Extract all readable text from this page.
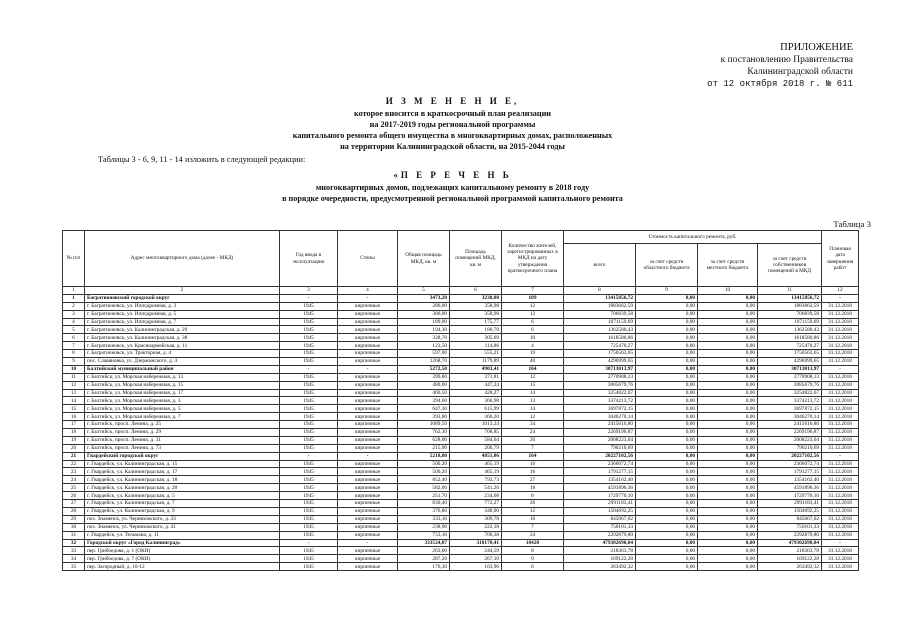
ПРИЛОЖЕНИЕ
к постановлению Правительства
Калининградской области
от 12 октября 2018 г. № 611
И З М Е Н Е Н И Е,
которое вносится в краткосрочный план реализации
на 2017-2019 годы региональной программы
капитального ремонта общего имущества в многоквартирных домах, расположенных
на территории Калининградской области, на 2015-2044 годы
Таблицы 3 - 6, 9, 11 - 14 изложить в следующей редакции:
«П Е Р Е Ч Е Н Ь
многоквартирных домов, подлежащих капитальному ремонту в 2018 году
в порядке очередности, предусмотренной региональной программой капитального ремонта
Таблица 3
№ п/п	Адрес многоквартирного дома (далее - МКД)	Год ввода в эксплуатацию	Стены	Общая площадь МКД, кв. м	Площадь помещений МКД, кв. м	Количество жителей, зарегистрированных в МКД на дату утверждения краткосрочного плана	Стоимость капитального ремонта, руб.				Плановая дата завершения работ
							всего	за счет средств областного бюджета	за счет средств местного бюджета	за счет средств собственников помещений в МКД	
1	2	3	4	5	6	7	8	9	10	11	12
1	Багратионовский городской округ	-	-	3473,20	3230,08	109	13415856,72	0,00	0,00	13415856,72	-
2	г. Багратионовск, ул. Ипподромная, д. 3	1945	кирпичные	286,00	358,98	12	1883662,59	0,00	0,00	1883662,59	31.12.2018
3	г. Багратионовск, ул. Ипподромная, д. 5	1945	кирпичные	386,00	358,98	12	706839,58	0,00	0,00	706839,58	31.12.2018
4	г. Багратионовск, ул. Ипподромная, д. 7	1945	кирпичные	189,00	175,77	6	1071159,69	0,00	0,00	1071159,69	31.12.2018
5	г. Багратионовск, ул. Калининградская, д. 29	1945	кирпичные	194,30	180,70	6	1362580,43	0,00	0,00	1362580,43	31.12.2018
6	г. Багратионовск, ул. Калининградская, д. 38	1945	кирпичные	328,70	305,69	10	1618580,86	0,00	0,00	1618580,86	31.12.2018
7	г. Багратионовск, ул. Красноармейская, д. 11	1945	кирпичные	123,50	114,86	4	725470,27	0,00	0,00	725470,27	31.12.2018
8	г. Багратионовск, ул. Тракторная, д. 4	1945	кирпичные	597,00	555,21	19	1750563,65	0,00	0,00	1750563,65	31.12.2018
9	пос. Славяновка, ул. Дзержинского, д. 4	1945	кирпичные	1268,70	1179,89	40	4296999,65	0,00	0,00	4296999,65	31.12.2018
10	Балтийский муниципальный район	-	-	5272,50	4903,41	164	30713013,97	0,00	0,00	30713013,97	-
11	г. Балтийск, ул. Морская набережная, д. 13	1945	кирпичные	399,80	371,81	12	2770908,13	0,00	0,00	2770908,13	31.12.2018
12	г. Балтийск, ул. Морская набережная, д. 15	1945	кирпичные	480,00	447,24	15	3085679,76	0,00	0,00	3085679,76	31.12.2018
13	г. Балтийск, ул. Морская набережная, д. 17	1945	кирпичные	460,50	428,27	14	3254822,67	0,00	0,00	3254822,67	31.12.2018
14	г. Балтийск, ул. Морская набережная, д. 3	1945	кирпичные	394,60	366,98	13	3374213,72	0,00	0,00	3374213,72	31.12.2018
15	г. Балтийск, ул. Морская набережная, д. 5	1945	кирпичные	647,30	615,99	14	3697872,15	0,00	0,00	3697872,15	31.12.2018
16	г. Балтийск, ул. Морская набережная, д. 7	1945	кирпичные	393,80	366,20	12	3046270,14	0,00	0,00	3046270,14	31.12.2018
17	г. Балтийск, просп. Ленина, д. 25	1945	кирпичные	1089,50	1013,24	34	2415616,80	0,00	0,00	2415616,80	31.12.2018
18	г. Балтийск, просп. Ленина, д. 29	1945	кирпичные	762,30	708,85	24	2269196,87	0,00	0,00	2269196,87	31.12.2018
19	г. Балтийск, просп. Ленина, д. 31	1945	кирпичные	628,00	584,04	20	2008223,04	0,00	0,00	2008223,04	31.12.2018
20	г. Балтийск, просп. Ленина, д. 73	1945	кирпичные	215,90	200,79	7	790210,69	0,00	0,00	790210,69	31.12.2018
21	Гвардейский городской округ	-	-	5218,80	4851,06	164	20227102,56	0,00	0,00	20227102,56	-
22	г. Гвардейск, ул. Калининградская, д. 15	1945	кирпичные	500,20	465,19	16	2366072,74	0,00	0,00	2366072,74	31.12.2018
23	г. Гвардейск, ул. Калининградская, д. 17	1945	кирпичные	500,20	465,19	16	1791277,15	0,00	0,00	1791277,15	31.12.2018
24	г. Гвардейск, ул. Калининградская, д. 18	1945	кирпичные	852,40	792,73	27	1354162,40	0,00	0,00	1354162,40	31.12.2018
25	г. Гвардейск, ул. Калининградская, д. 20	1945	кирпичные	582,00	541,26	18	4591896,36	0,00	0,00	4591896,36	31.12.2018
26	г. Гвардейск, ул. Калининградская, д. 5	1945	кирпичные	251,70	234,08	8	1729770,10	0,00	0,00	1729770,10	31.12.2018
27	г. Гвардейск, ул. Калининградская, д. 7	1945	кирпичные	830,40	772,27	26	2991183,41	0,00	0,00	2991183,41	31.12.2018
28	г. Гвардейск, ул. Калининградская, д. 9	1945	кирпичные	376,80	348,00	12	1504692,25	0,00	0,00	1504692,25	31.12.2018
29	пос. Знаменск, ул. Черняховского, д. 33	1945	кирпичные	333,10	309,78	10	845067,02	0,00	0,00	845067,02	31.12.2018
30	пос. Знаменск, ул. Черняховского, д. 41	1945	кирпичные	238,90	222,18	7	750101,33	0,00	0,00	750101,33	31.12.2018
31	г. Гвардейск, ул. Тельмана, д. 11	1945	кирпичные	753,10	700,38	24	2292879,80	0,00	0,00	2292879,80	31.12.2018
32	Городской округ «Город Калининград»	-	-	333524,87	310178,41	10420	479302690,04	0,00	0,00	479302690,04	-
33	пер. Грибоедова, д. 1 (ОКН)	1945	кирпичные	263,00	244,59	8	218363,78	0,00	0,00	218363,78	31.12.2018
34	пер. Грибоедова, д. 7 (ОКН)	1945	кирпичные	287,20	267,10	9	169122,28	0,00	0,00	169122,28	31.12.2018
35	пер. Загородный, д. 10-12	1945	кирпичные	176,30	163,96	6	263492,32	0,00	0,00	263492,32	31.12.2018
